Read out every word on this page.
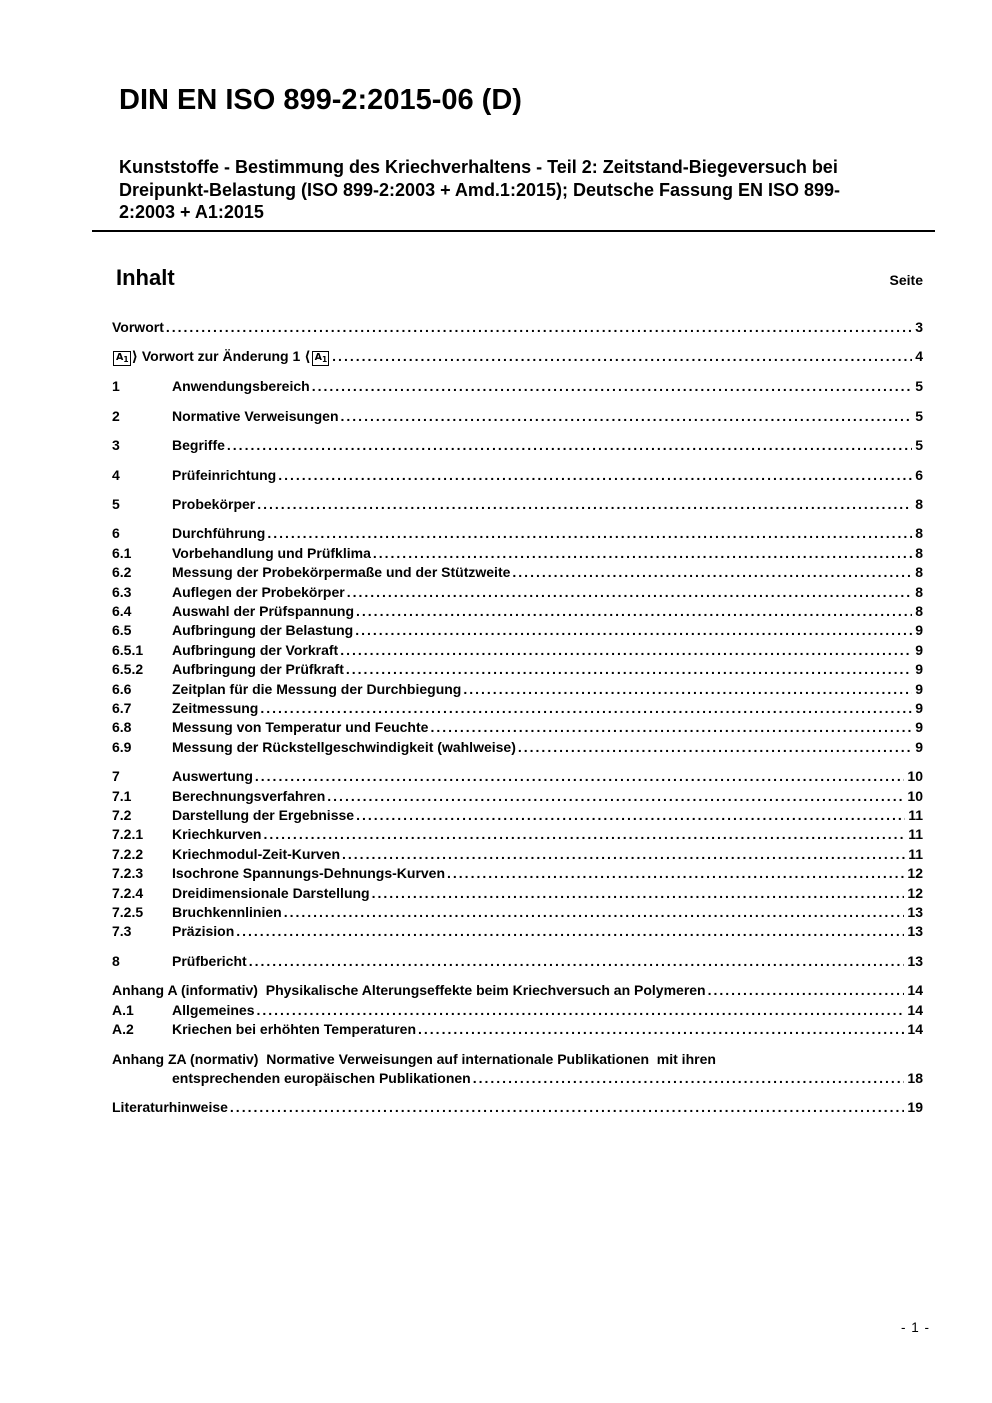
DIN EN ISO 899-2:2015-06 (D)
Kunststoffe - Bestimmung des Kriechverhaltens - Teil 2: Zeitstand-Biegeversuch bei
Dreipunkt-Belastung (ISO 899-2:2003 + Amd.1:2015); Deutsche Fassung EN ISO 899-
2:2003 + A1:2015
Inhalt	Seite
Vorwort .....	3
$A_1$ ⟩ Vorwort zur Änderung 1 ⟨ $A_1$ .....	4
1	Anwendungsbereich .....	5
2	Normative Verweisungen .....	5
3	Begriffe .....	5
4	Prüfeinrichtung .....	6
5	Probekörper .....	8
6	Durchführung .....	8
6.1	Vorbehandlung und Prüfklima .....	8
6.2	Messung der Probekörpermaße und der Stützweite .....	8
6.3	Auflegen der Probekörper .....	8
6.4	Auswahl der Prüfspannung .....	8
6.5	Aufbringung der Belastung .....	9
6.5.1	Aufbringung der Vorkraft .....	9
6.5.2	Aufbringung der Prüfkraft .....	9
6.6	Zeitplan für die Messung der Durchbiegung .....	9
6.7	Zeitmessung .....	9
6.8	Messung von Temperatur und Feuchte .....	9
6.9	Messung der Rückstellgeschwindigkeit (wahlweise) .....	9
7	Auswertung .....	10
7.1	Berechnungsverfahren .....	10
7.2	Darstellung der Ergebnisse .....	11
7.2.1	Kriechkurven .....	11
7.2.2	Kriechmodul-Zeit-Kurven .....	11
7.2.3	Isochrone Spannungs-Dehnungs-Kurven .....	12
7.2.4	Dreidimensionale Darstellung .....	12
7.2.5	Bruchkennlinien .....	13
7.3	Präzision .....	13
8	Prüfbericht .....	13
Anhang A (informativ)  Physikalische Alterungseffekte beim Kriechversuch an Polymeren .....	14
A.1	Allgemeines .....	14
A.2	Kriechen bei erhöhten Temperaturen .....	14
Anhang ZA (normativ)  Normative Verweisungen auf internationale Publikationen  mit ihren
entsprechenden europäischen Publikationen .....	18
Literaturhinweise .....	19
- 1 -
